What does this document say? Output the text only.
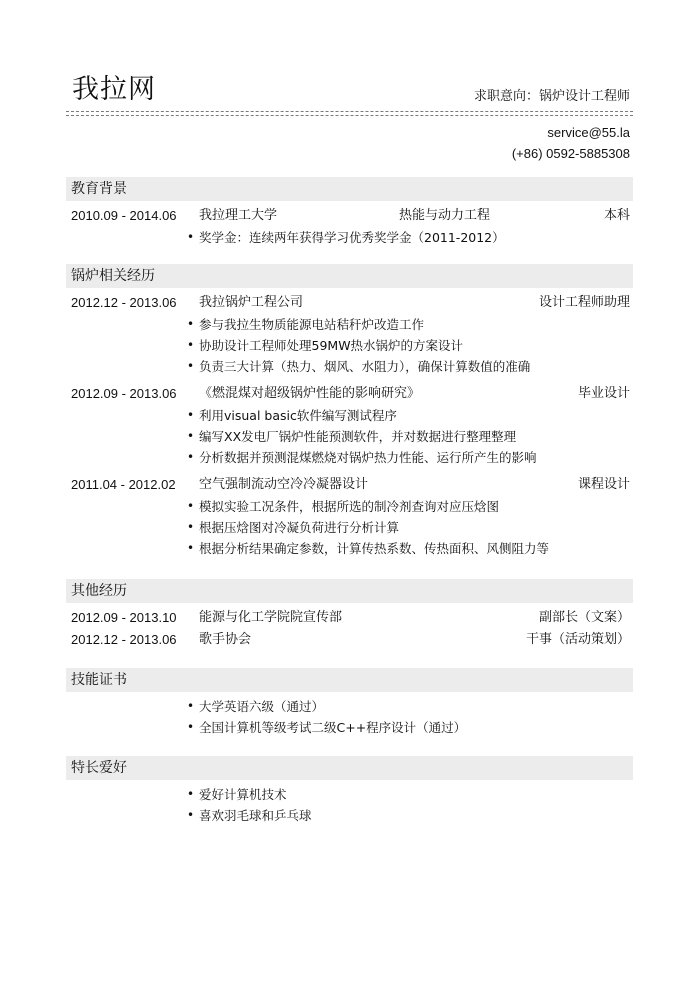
我拉网	求职意向：锅炉设计工程师
service@55.la
(+86) 0592-5885308
教育背景
2010.09 - 2014.06 我拉理工大学	热能与动力工程	本科
• 奖学金：连续两年获得学习优秀奖学金（2011-2012）
锅炉相关经历
2012.12 - 2013.06 我拉锅炉工程公司	设计工程师助理
• 参与我拉生物质能源电站秸秆炉改造工作
• 协助设计工程师处理59MW热水锅炉的方案设计
• 负责三大计算（热力、烟风、水阻力），确保计算数值的准确
2012.09 - 2013.06 《燃混煤对超级锅炉性能的影响研究》	毕业设计
• 利用visual basic软件编写测试程序
• 编写XX发电厂锅炉性能预测软件，并对数据进行整理整理
• 分析数据并预测混煤燃烧对锅炉热力性能、运行所产生的影响
2011.04 - 2012.02 空气强制流动空冷冷凝器设计	课程设计
• 模拟实验工况条件，根据所选的制冷剂查询对应压焓图
• 根据压焓图对冷凝负荷进行分析计算
• 根据分析结果确定参数，计算传热系数、传热面积、风侧阻力等
其他经历
2012.09 - 2013.10 能源与化工学院院宣传部	副部长（文案）
2012.12 - 2013.06 歌手协会	干事（活动策划）
技能证书
• 大学英语六级（通过）
• 全国计算机等级考试二级C++程序设计（通过）
特长爱好
• 爱好计算机技术
• 喜欢羽毛球和乒乓球
